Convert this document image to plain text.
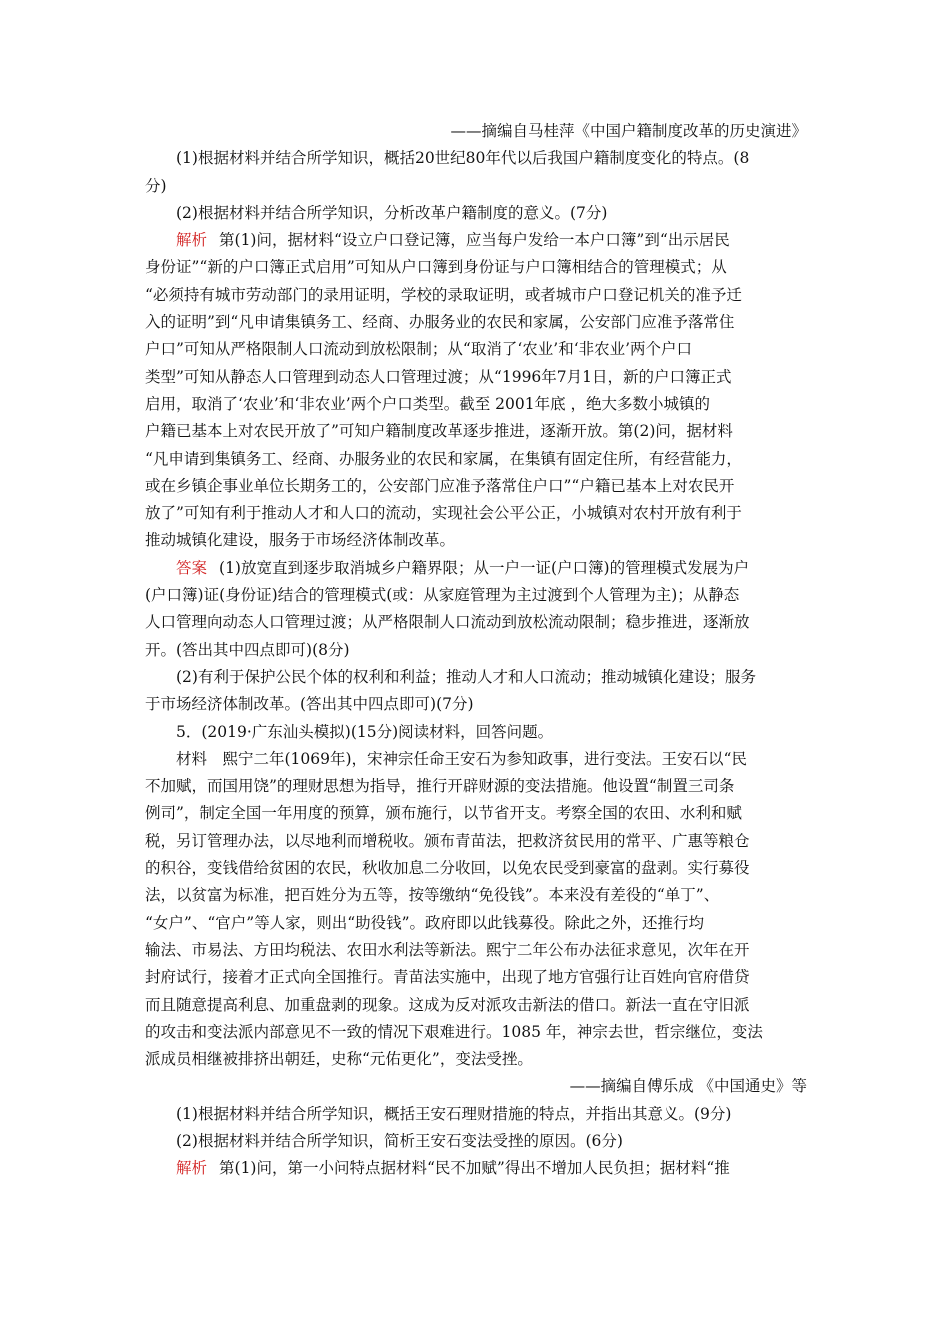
——摘编自马桂萍《中国户籍制度改革的历史演进》

(1)根据材料并结合所学知识，概括20世纪80年代以后我国户籍制度变化的特点。(8

分)

(2)根据材料并结合所学知识，分析改革户籍制度的意义。(7分)

解析 第(1)问，据材料“设立户口登记簿，应当每户发给一本户口簿”到“出示居民

身份证”“新的户口簿正式启用”可知从户口簿到身份证与户口簿相结合的管理模式；从

“必须持有城市劳动部门的录用证明，学校的录取证明，或者城市户口登记机关的准予迁

入的证明”到“凡申请集镇务工、经商、办服务业的农民和家属，公安部门应准予落常住

户口”可知从严格限制人口流动到放松限制；从“取消了‘农业’和‘非农业’两个户口

类型”可知从静态人口管理到动态人口管理过渡；从“1996年7月1日，新的户口簿正式

启用，取消了‘农业’和‘非农业’两个户口类型。截至 2001年底 ，绝大多数小城镇的

户籍已基本上对农民开放了”可知户籍制度改革逐步推进，逐渐开放。第(2)问，据材料

“凡申请到集镇务工、经商、办服务业的农民和家属，在集镇有固定住所，有经营能力，

或在乡镇企事业单位长期务工的，公安部门应准予落常住户口”“户籍已基本上对农民开

放了”可知有利于推动人才和人口的流动，实现社会公平公正，小城镇对农村开放有利于

推动城镇化建设，服务于市场经济体制改革。

答案 (1)放宽直到逐步取消城乡户籍界限；从一户一证(户口簿)的管理模式发展为户

(户口簿)证(身份证)结合的管理模式(或：从家庭管理为主过渡到个人管理为主)；从静态

人口管理向动态人口管理过渡；从严格限制人口流动到放松流动限制；稳步推进，逐渐放

开。(答出其中四点即可)(8分)

(2)有利于保护公民个体的权利和利益；推动人才和人口流动；推动城镇化建设；服务

于市场经济体制改革。(答出其中四点即可)(7分)

5．(2019·广东汕头模拟)(15分)阅读材料，回答问题。

材料　熙宁二年(1069年)，宋神宗任命王安石为参知政事，进行变法。王安石以“民

不加赋，而国用饶”的理财思想为指导，推行开辟财源的变法措施。他设置“制置三司条

例司”，制定全国一年用度的预算，颁布施行，以节省开支。考察全国的农田、水利和赋

税，另订管理办法，以尽地利而增税收。颁布青苗法，把救济贫民用的常平、广惠等粮仓

的积谷，变钱借给贫困的农民，秋收加息二分收回，以免农民受到豪富的盘剥。实行募役

法，以贫富为标准，把百姓分为五等，按等缴纳“免役钱”。本来没有差役的“单丁”、

“女户”、“官户”等人家，则出“助役钱”。政府即以此钱募役。除此之外，还推行均

输法、市易法、方田均税法、农田水利法等新法。熙宁二年公布办法征求意见，次年在开

封府试行，接着才正式向全国推行。青苗法实施中，出现了地方官强行让百姓向官府借贷

而且随意提高利息、加重盘剥的现象。这成为反对派攻击新法的借口。新法一直在守旧派

的攻击和变法派内部意见不一致的情况下艰难进行。1085 年，神宗去世，哲宗继位，变法

派成员相继被排挤出朝廷，史称“元佑更化”，变法受挫。

——摘编自傅乐成 《中国通史》等

(1)根据材料并结合所学知识，概括王安石理财措施的特点，并指出其意义。(9分)

(2)根据材料并结合所学知识，简析王安石变法受挫的原因。(6分)

解析 第(1)问，第一小问特点据材料“民不加赋”得出不增加人民负担；据材料“推
